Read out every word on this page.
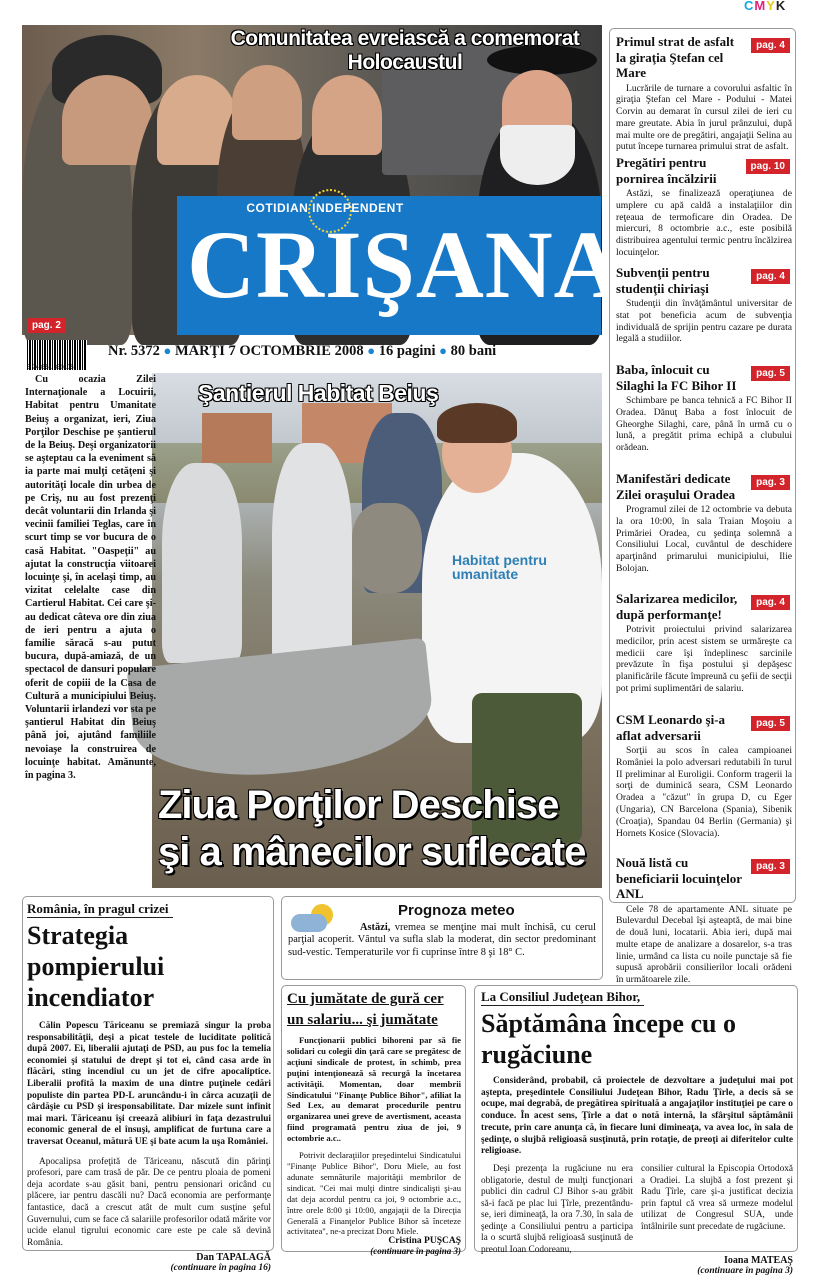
CMYK
Comunitatea evreiască a comemorat Holocaustul
pag. 2
COTIDIAN INDEPENDENT
CRIŞANA
5 948651 350105
Nr. 5372 ● MARŢI 7 OCTOMBRIE 2008 ● 16 pagini ● 80 bani
Habitat pentru umanitate
Şantierul Habitat Beiuş
Ziua Porţilor Deschise
şi a mânecilor suflecate
Cu ocazia Zilei Internaţionale a Locuirii, Habitat pentru Umanitate Beiuş a organizat, ieri, Ziua Porţilor Deschise pe şantierul de la Beiuş. Deşi organizatorii se aşteptau ca la eveniment să ia parte mai mulţi cetăţeni şi autorităţi locale din urbea de pe Criş, nu au fost prezenţi decât voluntarii din Irlanda şi vecinii familiei Teglas, care în scurt timp se vor bucura de o casă Habitat. "Oaspeţii" au ajutat la construcţia viitoarei locuinţe şi, în acelaşi timp, au vizitat celelalte case din Cartierul Habitat. Cei care şi-au dedicat câteva ore din ziua de ieri pentru a ajuta o familie săracă s-au putut bucura, după-amiază, de un spectacol de dansuri populare oferit de copiii de la Casa de Cultură a municipiului Beiuş. Voluntarii irlandezi vor sta pe şantierul Habitat din Beiuş până joi, ajutând familiile nevoiaşe la construirea de locuinţe habitat. Amănunte, în pagina 3.
Primul strat de asfalt la giraţia Ştefan cel Mare
pag. 4

Lucrările de turnare a covorului asfaltic în giraţia Ştefan cel Mare - Podului - Matei Corvin au demarat în cursul zilei de ieri cu mare greutate. Abia în jurul prânzului, după mai multe ore de pregătiri, angajaţii Selina au putut începe turnarea primului strat de asfalt.

Pregătiri pentru pornirea încălzirii
pag. 10

Astăzi, se finalizează operaţiunea de umplere cu apă caldă a instalaţiilor din reţeaua de termoficare din Oradea. De miercuri, 8 octombrie a.c., este posibilă distribuirea agentului termic pentru încălzirea locuinţelor.

Subvenţii pentru studenţii chiriaşi
pag. 4

Studenţii din învăţământul universitar de stat pot beneficia acum de subvenţia individuală de sprijin pentru cazare pe durata legală a studiilor.

Baba, înlocuit cu Silaghi la FC Bihor II
pag. 5

Schimbare pe banca tehnică a FC Bihor II Oradea. Dănuţ Baba a fost înlocuit de Gheorghe Silaghi, care, până în urmă cu o lună, a pregătit prima echipă a clubului orădean.

Manifestări dedicate Zilei oraşului Oradea
pag. 3

Programul zilei de 12 octombrie va debuta la ora 10:00, în sala Traian Moşoiu a Primăriei Oradea, cu şedinţa solemnă a Consiliului Local, cuvântul de deschidere aparţinând primarului municipiului, Ilie Bolojan.

Salarizarea medicilor, după performanţe!
pag. 4

Potrivit proiectului privind salarizarea medicilor, prin acest sistem se urmăreşte ca medicii care îşi îndeplinesc sarcinile prevăzute în fişa postului şi depăşesc planificările făcute împreună cu şefii de secţii pot primi suplimentări de salariu.

CSM Leonardo şi-a aflat adversarii
pag. 5

Sorţii au scos în calea campioanei României la polo adversari redutabili în turul II preliminar al Euroligii. Conform tragerii la sorţi de duminică seara, CSM Leonardo Oradea a "căzut" în grupa D, cu Eger (Ungaria), CN Barcelona (Spania), Sibenik (Croaţia), Spandau 04 Berlin (Germania) şi Hornets Kosice (Slovacia).

Nouă listă cu beneficiarii locuinţelor ANL
pag. 3

Cele 78 de apartamente ANL situate pe Bulevardul Decebal îşi aşteaptă, de mai bine de două luni, locatarii. Abia ieri, după mai multe etape de analizare a dosarelor, s-a tras linie, urmând ca lista cu noile punctaje să fie supusă aprobării consilierilor locali orădeni în următoarele zile.

România, în pragul crizei
Strategia pompierului incendiator
Călin Popescu Tăriceanu se premiază singur la proba responsabilităţii, deşi a picat testele de luciditate politică după 2007. Ei, liberalii ajutaţi de PSD, au pus foc la temelia economiei şi statului de drept şi tot ei, când casa arde în flăcări, sting incendiul cu un jet de cifre apocaliptice. Liberalii profită la maxim de una dintre puţinele cedări populiste din partea PD-L aruncându-i în cârca acuzaţii de cârdăşie cu PSD şi iresponsabilitate. Dar mizele sunt infinit mai mari. Tăriceanu îşi creează alibiuri în faţa dezastrului economic general de el însuşi, amplificat de furtuna care a traversat Oceanul, mătură UE şi bate acum la uşa României.
Apocalipsa profeţită de Tăriceanu, născută din părinţi profesori, pare cam trasă de păr. De ce pentru ploaia de pomeni deja acordate s-au găsit bani, pentru pensionari oricând cu plăcere, iar pentru dascăli nu? Dacă economia are performanţe fantastice, dacă a crescut atât de mult cum susţine şeful Guvernului, cum se face că salariile profesorilor odată mărite vor ucide elanul tigrului economic care este pe cale să devină România.
Dan TAPALAGĂ
(continuare în pagina 16)
Prognoza meteo
Astăzi, vremea se menţine mai mult închisă, cu cerul parţial acoperit. Vântul va sufla slab la moderat, din sector predominant sud-vestic. Temperaturile vor fi cuprinse între 8 şi 18° C.
Cu jumătate de gură cer un salariu... şi jumătate
Funcţionarii publici bihoreni par să fie solidari cu colegii din ţară care se pregătesc de acţiuni sindicale de protest, în schimb, prea puţini intenţionează să recurgă la încetarea activităţii. Momentan, doar membrii Sindicatului "Finanţe Publice Bihor", afiliat la Sed Lex, au demarat procedurile pentru organizarea unei greve de avertisment, aceasta fiind programată pentru ziua de joi, 9 octombrie a.c..
Potrivit declaraţiilor preşedintelui Sindicatului "Finanţe Publice Bihor", Doru Miele, au fost adunate semnăturile majorităţii membrilor de sindicat. "Cei mai mulţi dintre sindicalişti şi-au dat deja acordul pentru ca joi, 9 octombrie a.c., între orele 8:00 şi 10:00, angajaţii de la Direcţia Generală a Finanţelor Publice Bihor să înceteze activitatea", ne-a precizat Doru Miele.
Cristina PUŞCAŞ
(continuare în pagina 3)
La Consiliul Judeţean Bihor,
Săptămâna începe cu o rugăciune
Considerând, probabil, că proiectele de dezvoltare a judeţului mai pot aştepta, preşedintele Consiliului Judeţean Bihor, Radu Ţîrle, a decis să se ocupe, mai degrabă, de pregătirea spirituală a angajaţilor instituţiei pe care o conduce. În acest sens, Ţîrle a dat o notă internă, la sfârşitul săptămânii trecute, prin care anunţa că, în fiecare luni dimineaţa, va avea loc, în sala de şedinţe, o slujbă religioasă susţinută, prin rotaţie, de preoţi ai diferitelor culte religioase.
Deşi prezenţa la rugăciune nu era obligatorie, destul de mulţi funcţionari publici din cadrul CJ Bihor s-au grăbit să-i facă pe plac lui Ţîrle, prezentându-se, ieri dimineaţă, la ora 7.30, în sala de şedinţe a Consiliului pentru a participa la o scurtă slujbă religioasă susţinută de preotul Ioan Codoreanu,
consilier cultural la Episcopia Ortodoxă a Oradiei. La slujbă a fost prezent şi Radu Ţîrle, care şi-a justificat decizia prin faptul că vrea să urmeze modelul utilizat de Congresul SUA, unde întâlnirile sunt precedate de rugăciune.
Ioana MATEAŞ
(continuare în pagina 3)
